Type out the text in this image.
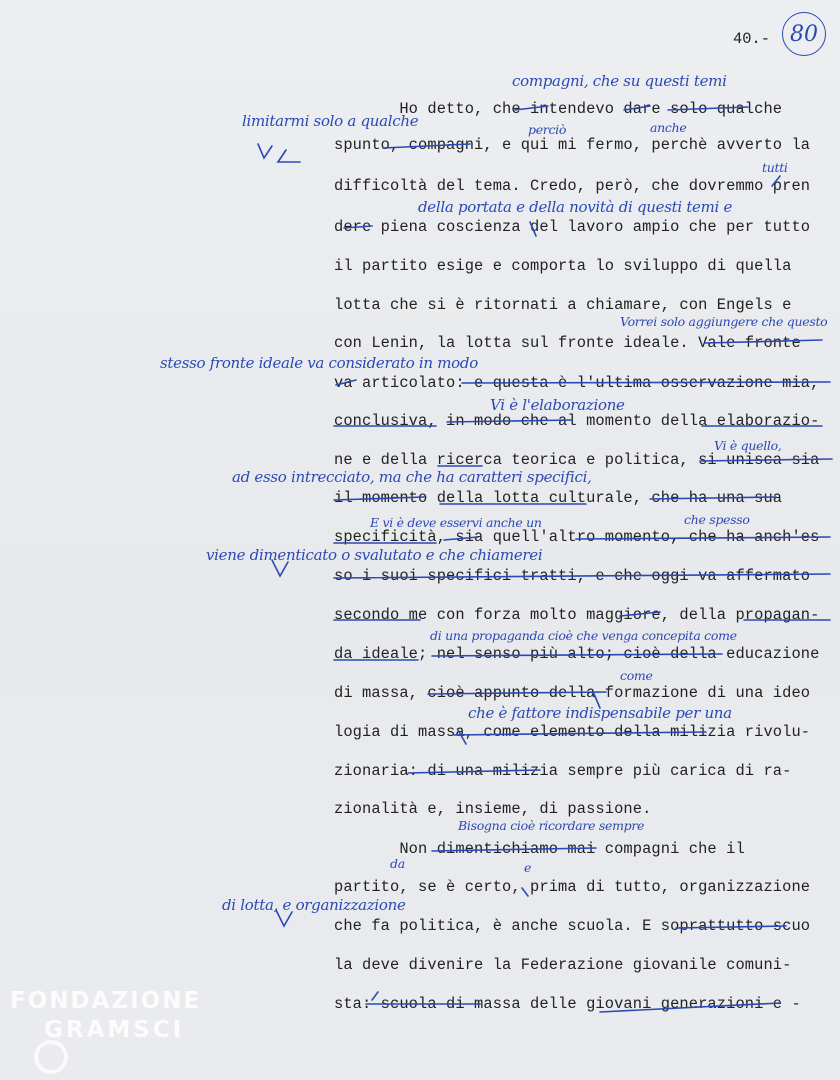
40.- 80

Ho detto, che intendevo dare solo qualche

spunto, compagni, e qui mi fermo, perchè avverto la

difficoltà del tema. Credo, però, che dovremmo pren

dere piena coscienza del lavoro ampio che per tutto

il partito esige e comporta lo sviluppo di quella

lotta che si è ritornati a chiamare, con Engels e

con Lenin, la lotta sul fronte ideale. Vale fronte

va articolato: e questa è l'ultima osservazione mia,

conclusiva, in modo che al momento della elaborazio-

ne e della ricerca teorica e politica, si unisca sia

il momento della lotta culturale, che ha una sua

specificità, sia quell'altro momento, che ha anch'es

so i suoi specifici tratti, e che oggi va affermato

secondo me con forza molto maggiore, della propagan-

da ideale; nel senso più alto; cioè della educazione

di massa, cioè appunto della formazione di una ideo

logia di massa, come elemento della milizia rivolu-

zionaria: di una milizia sempre più carica di ra-

zionalità e, insieme, di passione.

Non dimentichiamo mai compagni che il

partito, se è certo, prima di tutto, organizzazione

che fa politica, è anche scuola. E soprattutto scuo

la deve divenire la Federazione giovanile comuni-

sta: scuola di massa delle giovani generazioni e -

compagni, che su questi temi

limitarmi solo a qualche	perciò	anche

tutti

della portata e della novità di questi temi e

Vorrei solo aggiungere che questo

stesso fronte ideale va considerato in modo

Vi è l'elaborazione

Vi è quello,

ad esso intrecciato, ma che ha caratteri specifici,

E vi è deve esservi anche un	che spesso

viene dimenticato o svalutato e che chiamerei

di una propaganda cioè che venga concepita come

come

che è fattore indispensabile per una

Bisogna cioè ricordare sempre

da	e

di lotta, e organizzazione

FONDAZIONE
GRAMSCI
